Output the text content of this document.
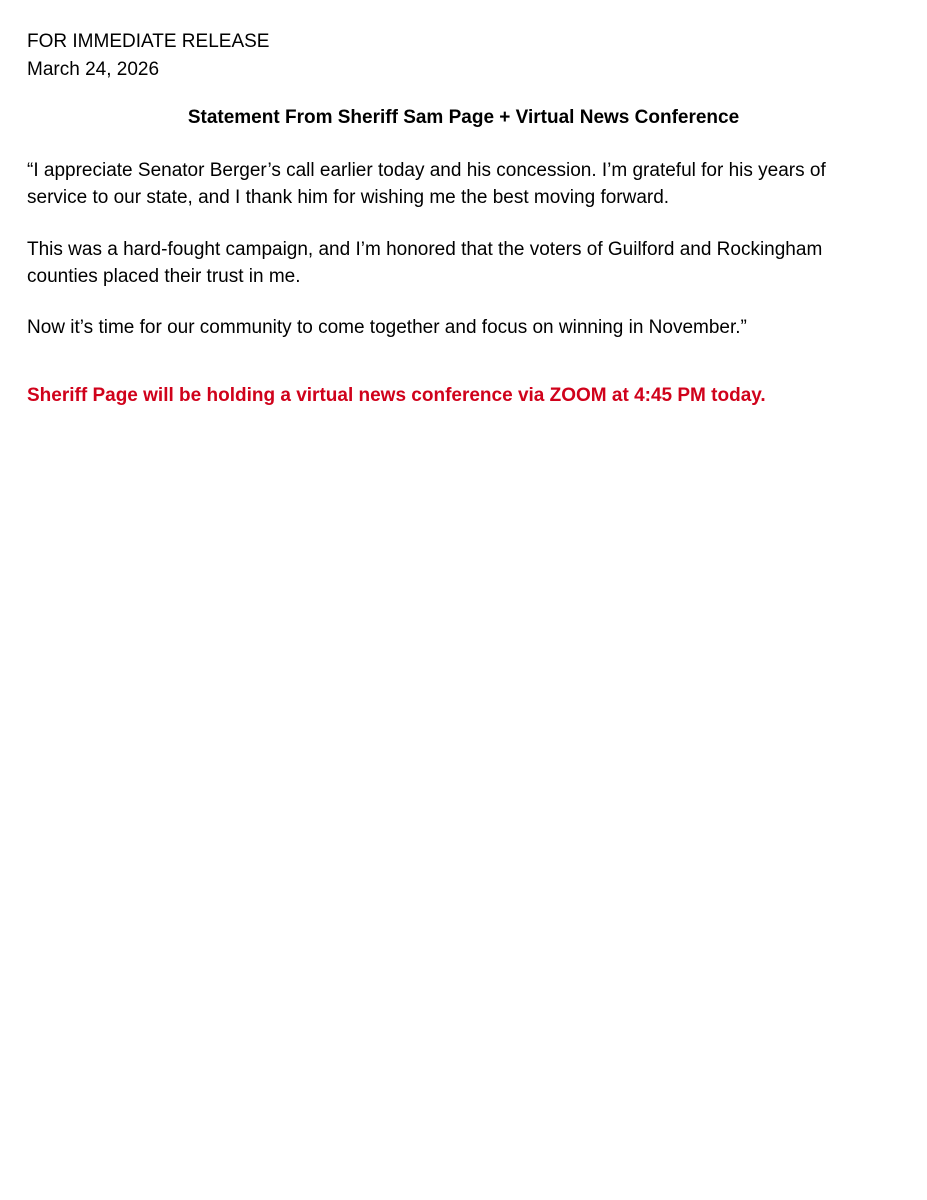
FOR IMMEDIATE RELEASE
March 24, 2026
Statement From Sheriff Sam Page + Virtual News Conference
“I appreciate Senator Berger’s call earlier today and his concession. I’m grateful for his years of
service to our state, and I thank him for wishing me the best moving forward.
This was a hard-fought campaign, and I’m honored that the voters of Guilford and Rockingham
counties placed their trust in me.
Now it’s time for our community to come together and focus on winning in November.”
Sheriff Page will be holding a virtual news conference via ZOOM at 4:45 PM today.
